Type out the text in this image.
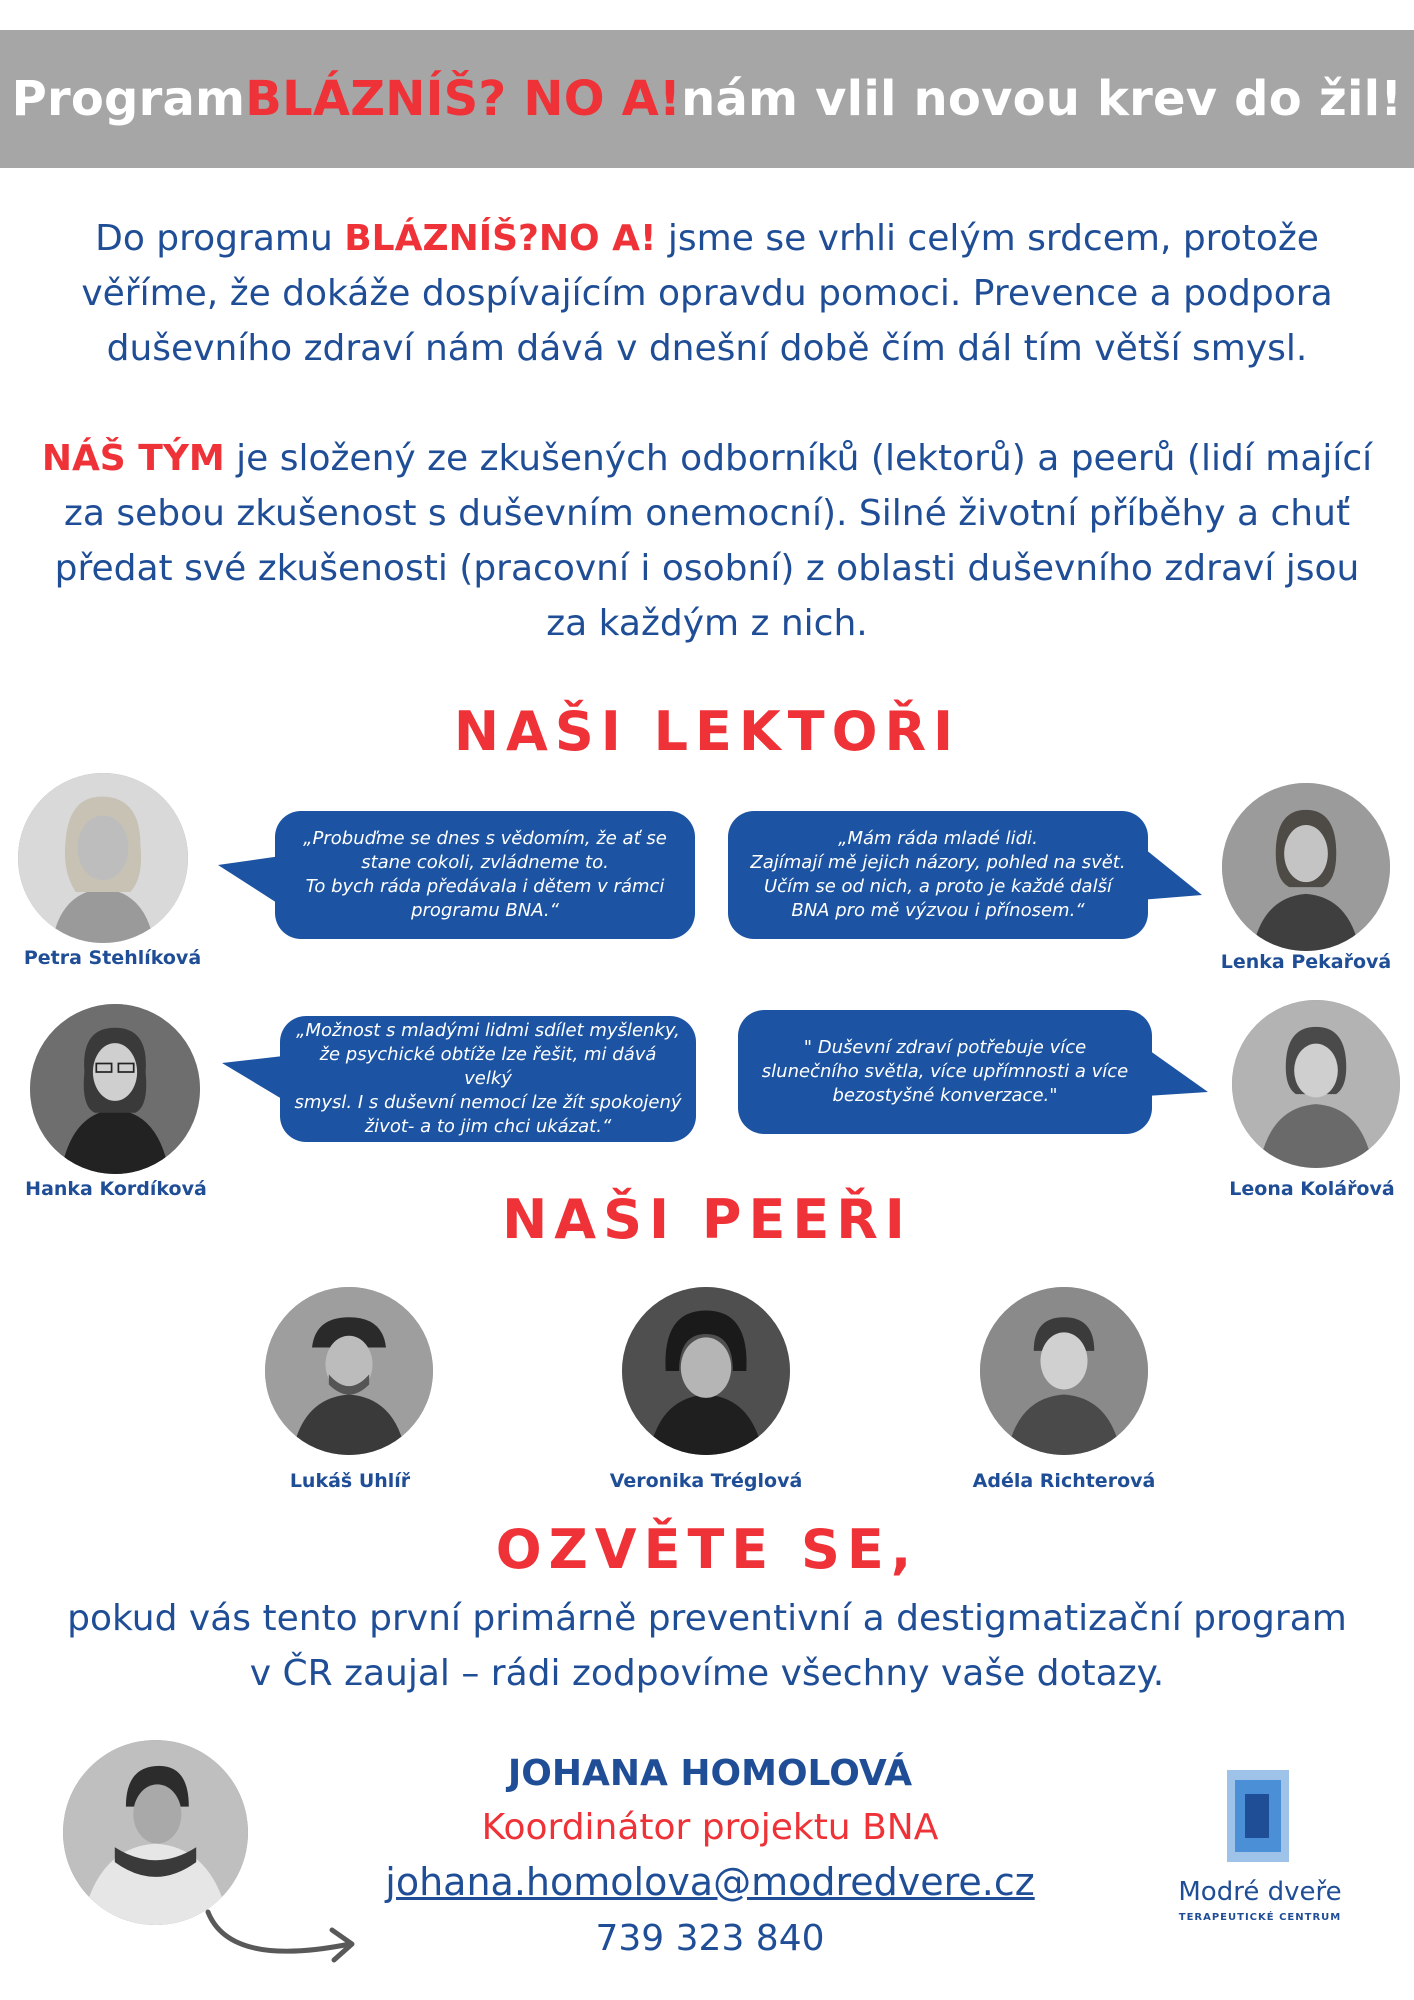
Program BLÁZNÍŠ? NO A! nám vlil novou krev do žil!
Do programu BLÁZNÍŠ?NO A! jsme se vrhli celým srdcem, protože
věříme, že dokáže dospívajícím opravdu pomoci. Prevence a podpora
duševního zdraví nám dává v dnešní době čím dál tím větší smysl.
NÁŠ TÝM je složený ze zkušených odborníků (lektorů) a peerů (lidí mající
za sebou zkušenost s duševním onemocní). Silné životní příběhy a chuť
předat své zkušenosti (pracovní i osobní) z oblasti duševního zdraví jsou
za každým z nich.
NAŠI LEKTOŘI
Petra Stehlíková
„Probuďme se dnes s vědomím, že ať se
stane cokoli, zvládneme to.
To bych ráda předávala i dětem v rámci
programu BNA.“
„Mám ráda mladé lidi.
Zajímají mě jejich názory, pohled na svět.
Učím se od nich, a proto je každé další
BNA pro mě výzvou i přínosem.“
Lenka Pekařová
Hanka Kordíková
„Možnost s mladými lidmi sdílet myšlenky,
že psychické obtíže lze řešit, mi dává velký
smysl. I s duševní nemocí lze žít spokojený
život- a to jim chci ukázat.“
" Duševní zdraví potřebuje více
slunečního světla, více upřímnosti a více
bezostyšné konverzace."
Leona Kolářová
NAŠI PEEŘI
Lukáš Uhlíř	Veronika Tréglová	Adéla Richterová
OZVĚTE SE,
pokud vás tento první primárně preventivní a destigmatizační program
v ČR zaujal – rádi zodpovíme všechny vaše dotazy.
JOHANA HOMOLOVÁ
Koordinátor projektu BNA
johana.homolova@modredvere.cz
739 323 840
Modré dveře
TERAPEUTICKÉ CENTRUM
